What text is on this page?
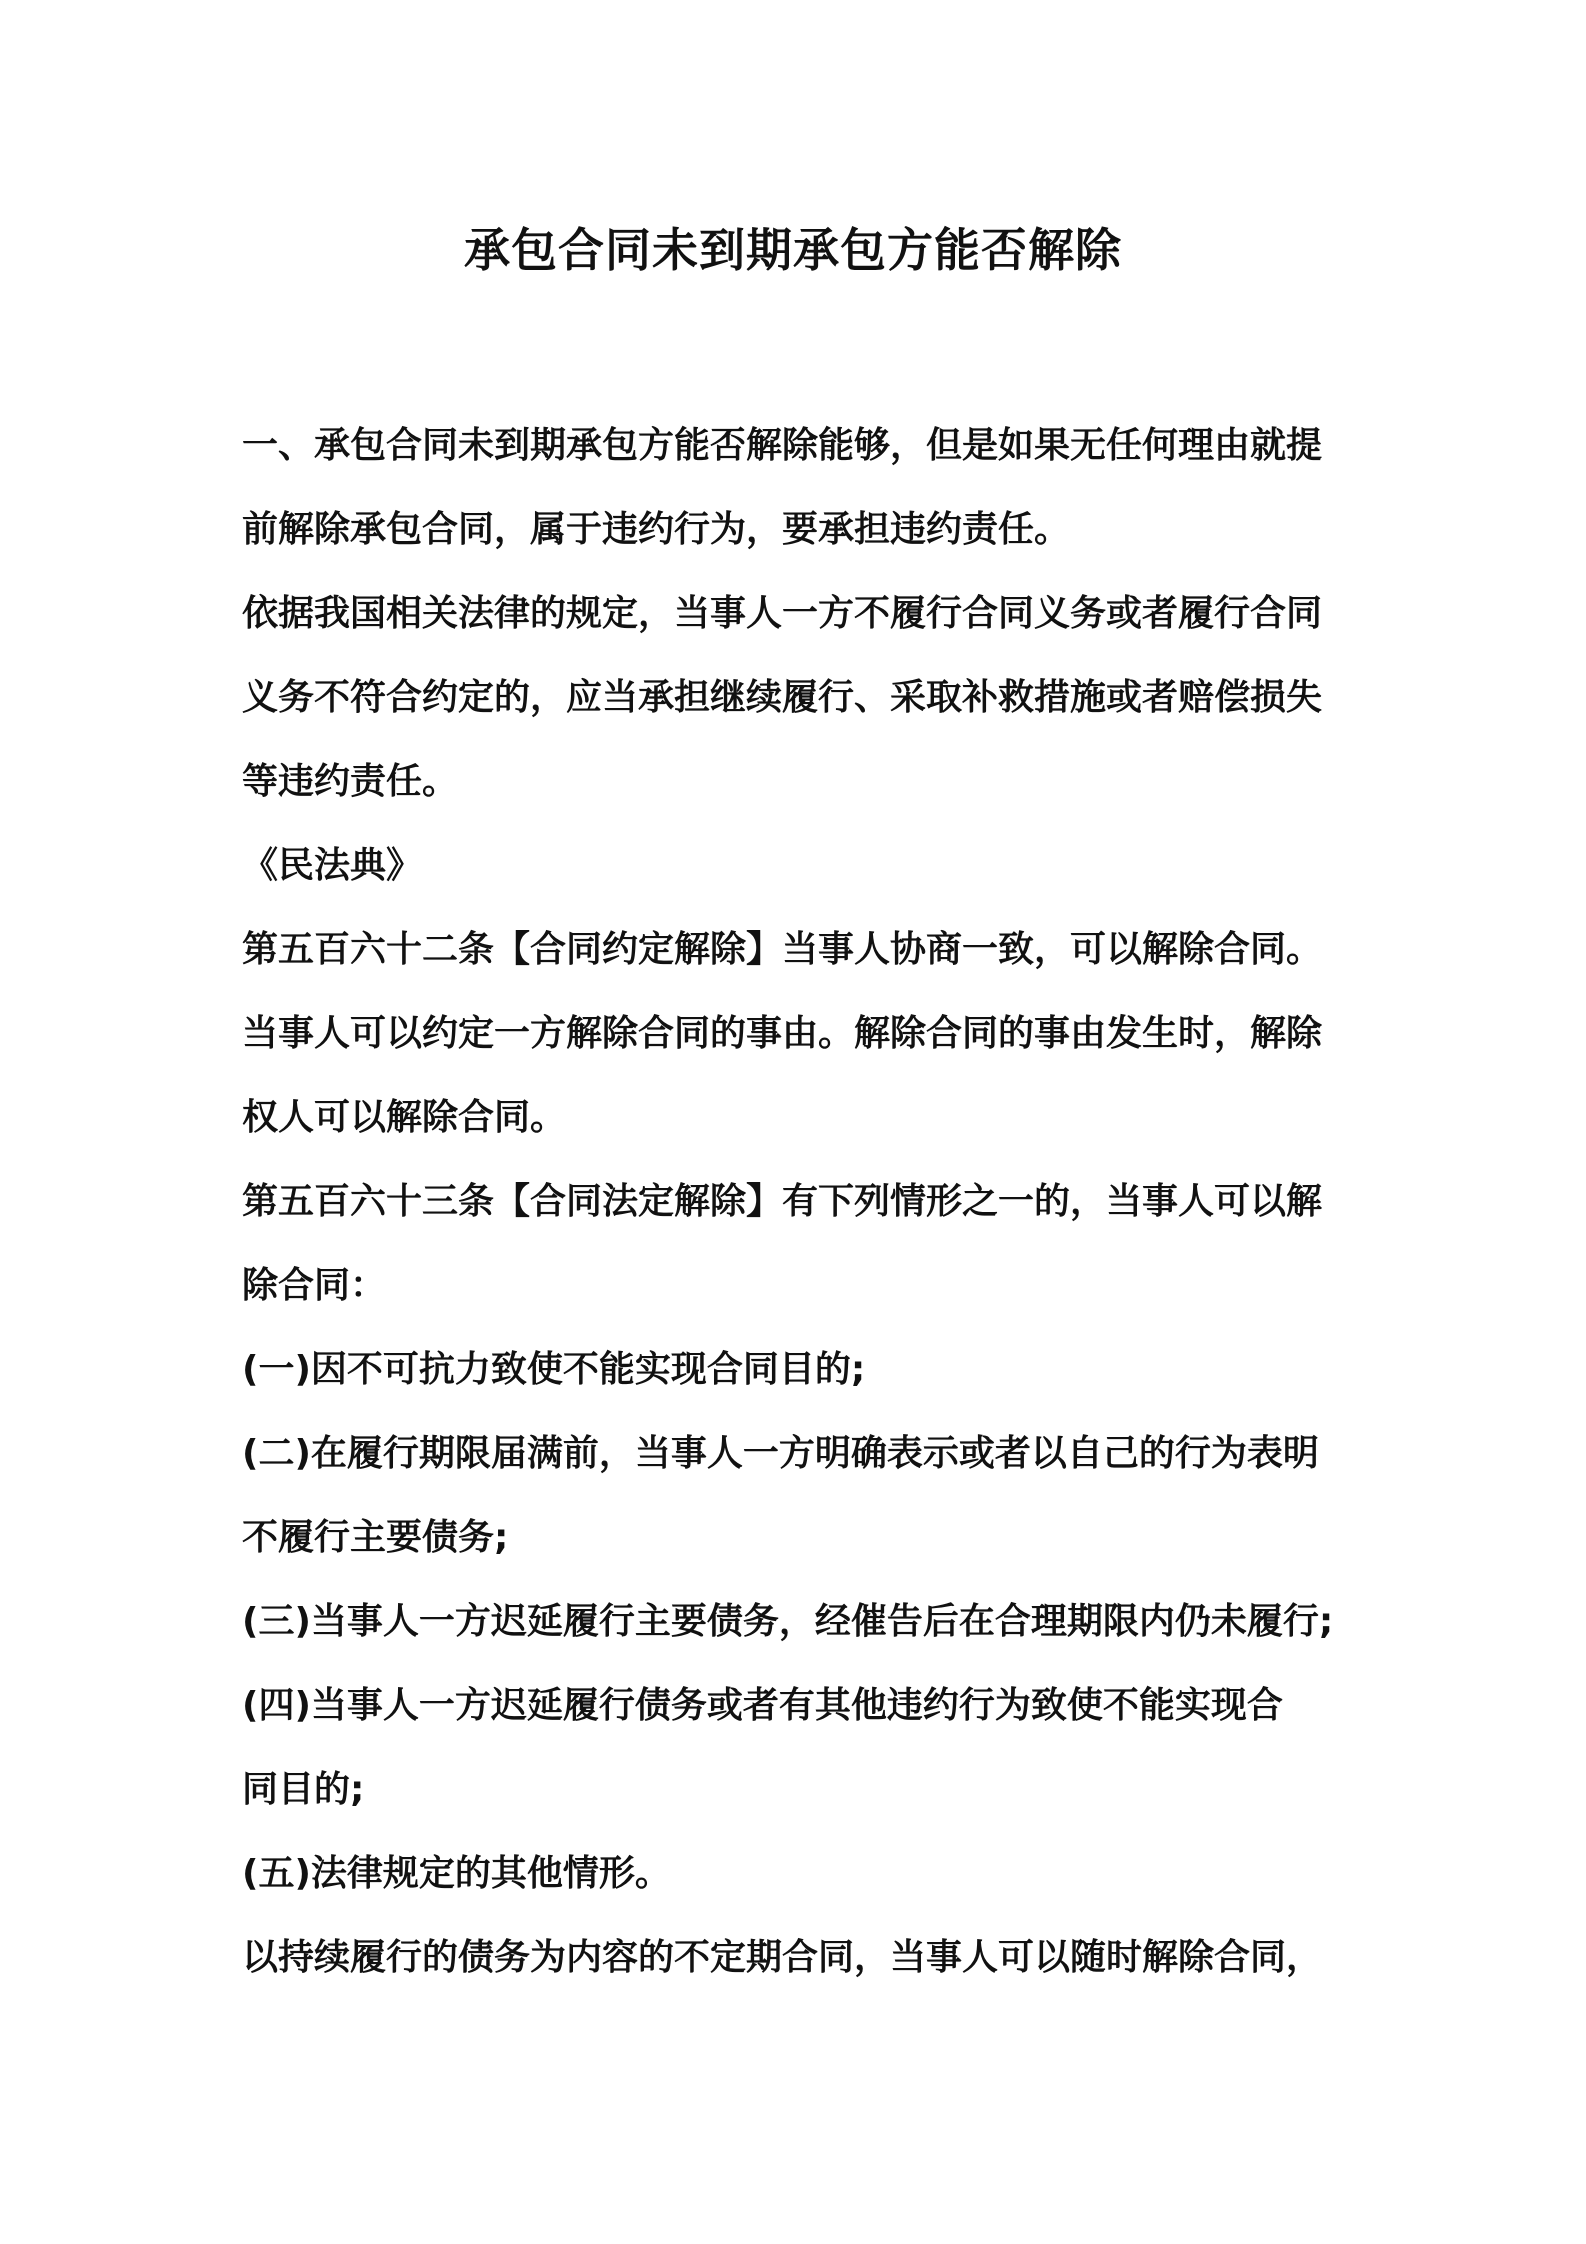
承包合同未到期承包方能否解除
一、承包合同未到期承包方能否解除能够，但是如果无任何理由就提
前解除承包合同，属于违约行为，要承担违约责任。
依据我国相关法律的规定，当事人一方不履行合同义务或者履行合同
义务不符合约定的，应当承担继续履行、采取补救措施或者赔偿损失
等违约责任。
《民法典》
第五百六十二条【合同约定解除】当事人协商一致，可以解除合同。
当事人可以约定一方解除合同的事由。解除合同的事由发生时，解除
权人可以解除合同。
第五百六十三条【合同法定解除】有下列情形之一的，当事人可以解
除合同：
(一)因不可抗力致使不能实现合同目的;
(二)在履行期限届满前，当事人一方明确表示或者以自己的行为表明
不履行主要债务;
(三)当事人一方迟延履行主要债务，经催告后在合理期限内仍未履行;
(四)当事人一方迟延履行债务或者有其他违约行为致使不能实现合
同目的;
(五)法律规定的其他情形。
以持续履行的债务为内容的不定期合同，当事人可以随时解除合同，
